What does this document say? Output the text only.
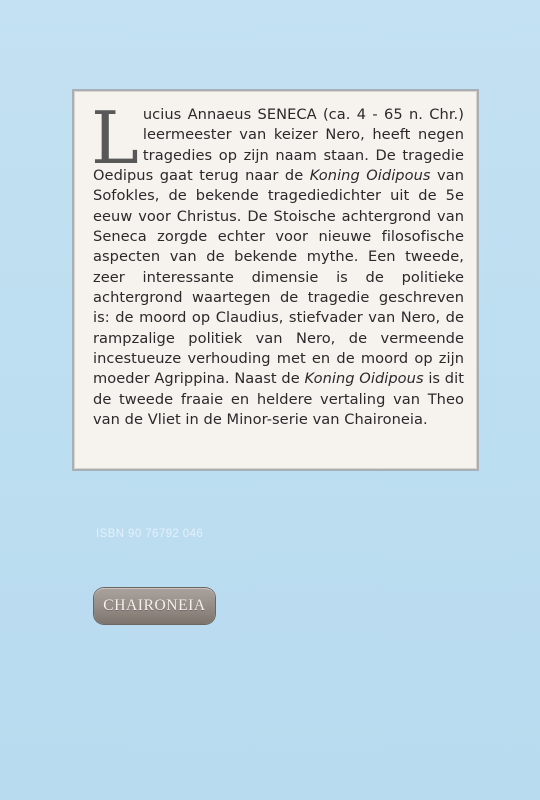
Lucius Annaeus SENECA (ca. 4 - 65 n. Chr.) leermeester van keizer Nero, heeft negen tragedies op zijn naam staan. De tragedie Oedipus gaat terug naar de Koning Oidipous van Sofokles, de bekende tragediedichter uit de 5e eeuw voor Christus. De Stoische achtergrond van Seneca zorgde echter voor nieuwe filosofische aspecten van de bekende mythe. Een tweede, zeer interessante dimensie is de politieke achtergrond waartegen de tragedie geschreven is: de moord op Claudius, stiefvader van Nero, de rampzalige politiek van Nero, de vermeende incestueuze verhouding met en de moord op zijn moeder Agrippina. Naast de Koning Oidipous is dit de tweede fraaie en heldere vertaling van Theo van de Vliet in de Minor-serie van Chaironeia.

ISBN 90 76792 046
CHAIRONEIA
